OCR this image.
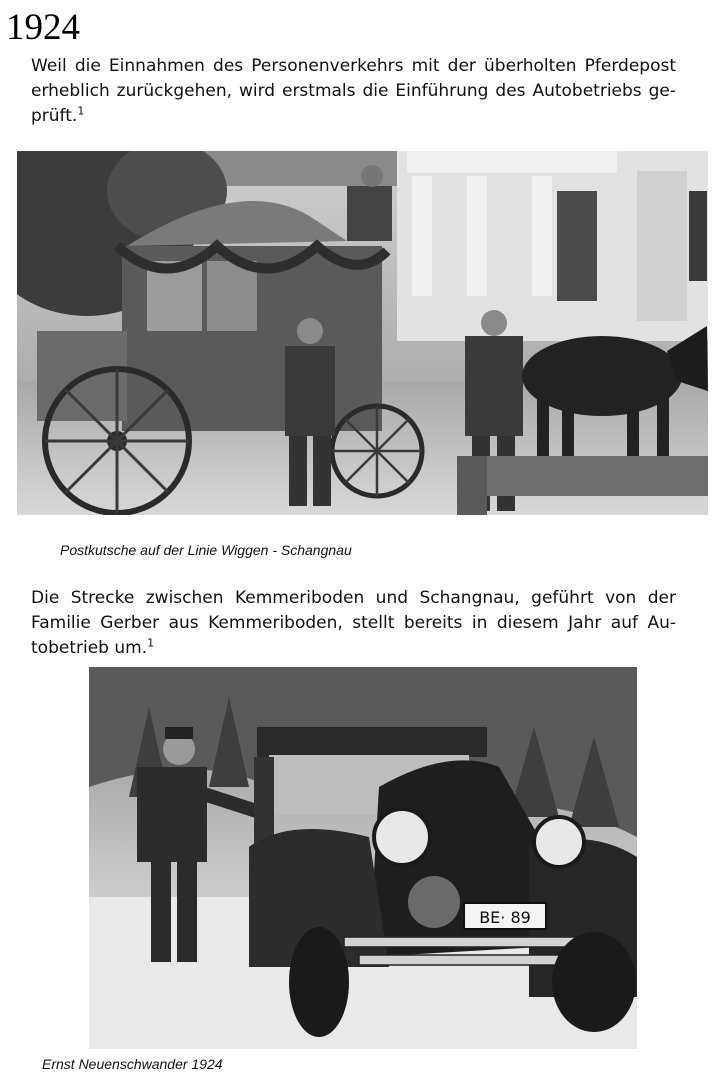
1924
Weil die Einnahmen des Personenverkehrs mit der überholten Pferdepost
erheblich zurückgehen, wird erstmals die Einführung des Autobetriebs ge-
prüft.$^1$
Postkutsche auf der Linie Wiggen - Schangnau
Die Strecke zwischen Kemmeriboden und Schangnau, geführt von der
Familie Gerber aus Kemmeriboden, stellt bereits in diesem Jahr auf Au-
tobetrieb um.$^1$
BE· 89
Ernst Neuenschwander 1924
